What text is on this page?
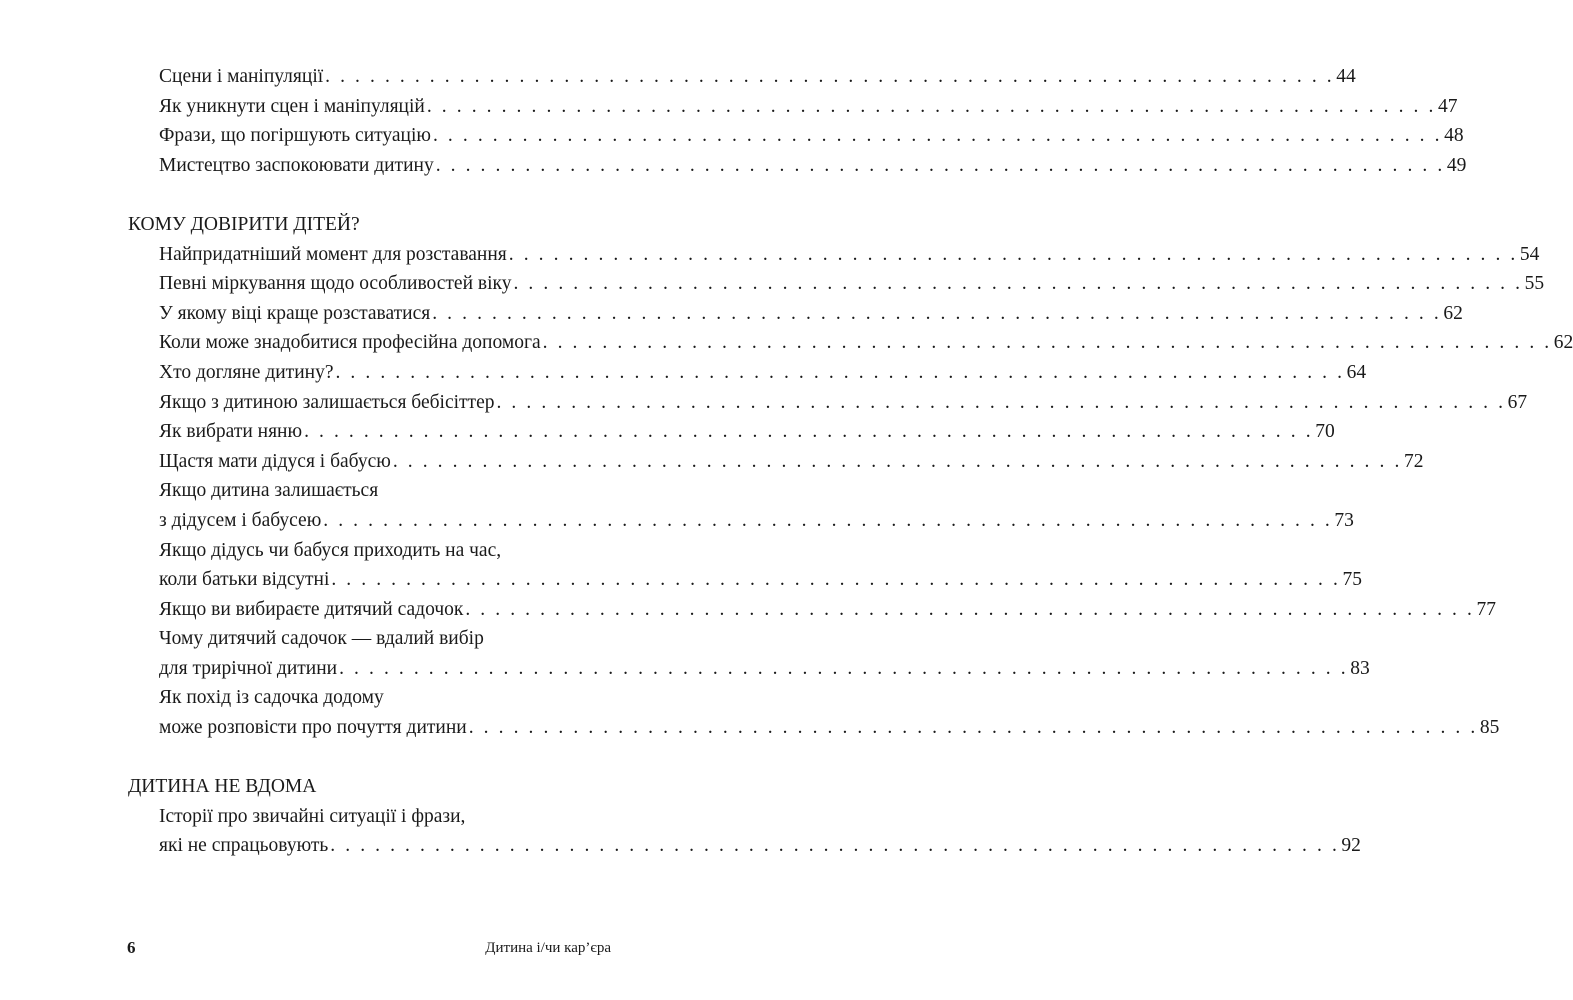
Сцени і маніпуляції . . . . . . . . . . . . . . . . . . . . . . . . . . . . . . . . . . . . . . . . . . . . . . . . . . . . . . . . . . . . . . . . . . . . 44
Як уникнути сцен і маніпуляцій . . . . . . . . . . . . . . . . . . . . . . . . . . . . . . . . . . . . . . . . . . . . . . . . . . . . . . . . . . . . . . . . . . . . 47
Фрази, що погіршують ситуацію . . . . . . . . . . . . . . . . . . . . . . . . . . . . . . . . . . . . . . . . . . . . . . . . . . . . . . . . . . . . . . . . . . . . 48
Мистецтво заспокоювати дитину . . . . . . . . . . . . . . . . . . . . . . . . . . . . . . . . . . . . . . . . . . . . . . . . . . . . . . . . . . . . . . . . . . . . 49
КОМУ ДОВІРИТИ ДІТЕЙ?
Найпридатніший момент для розставання . . . . . . . . . . . . . . . . . . . . . . . . . . . . . . . . . . . . . . . . . . . . . . . . . . . . . . . . . . . . . . . . . . . . 54
Певні міркування щодо особливостей віку . . . . . . . . . . . . . . . . . . . . . . . . . . . . . . . . . . . . . . . . . . . . . . . . . . . . . . . . . . . . . . . . . . . . 55
У якому віці краще розставатися . . . . . . . . . . . . . . . . . . . . . . . . . . . . . . . . . . . . . . . . . . . . . . . . . . . . . . . . . . . . . . . . . . . . 62
Коли може знадобитися професійна допомога . . . . . . . . . . . . . . . . . . . . . . . . . . . . . . . . . . . . . . . . . . . . . . . . . . . . . . . . . . . . . . . . . . . . 62
Хто догляне дитину? . . . . . . . . . . . . . . . . . . . . . . . . . . . . . . . . . . . . . . . . . . . . . . . . . . . . . . . . . . . . . . . . . . . . 64
Якщо з дитиною залишається бебісіттер . . . . . . . . . . . . . . . . . . . . . . . . . . . . . . . . . . . . . . . . . . . . . . . . . . . . . . . . . . . . . . . . . . . . 67
Як вибрати няню . . . . . . . . . . . . . . . . . . . . . . . . . . . . . . . . . . . . . . . . . . . . . . . . . . . . . . . . . . . . . . . . . . . . 70
Щастя мати дідуся і бабусю . . . . . . . . . . . . . . . . . . . . . . . . . . . . . . . . . . . . . . . . . . . . . . . . . . . . . . . . . . . . . . . . . . . . 72
Якщо дитина залишається
з дідусем і бабусею . . . . . . . . . . . . . . . . . . . . . . . . . . . . . . . . . . . . . . . . . . . . . . . . . . . . . . . . . . . . . . . . . . . . 73
Якщо дідусь чи бабуся приходить на час,
коли батьки відсутні . . . . . . . . . . . . . . . . . . . . . . . . . . . . . . . . . . . . . . . . . . . . . . . . . . . . . . . . . . . . . . . . . . . . 75
Якщо ви вибираєте дитячий садочок . . . . . . . . . . . . . . . . . . . . . . . . . . . . . . . . . . . . . . . . . . . . . . . . . . . . . . . . . . . . . . . . . . . . 77
Чому дитячий садочок — вдалий вибір
для трирічної дитини . . . . . . . . . . . . . . . . . . . . . . . . . . . . . . . . . . . . . . . . . . . . . . . . . . . . . . . . . . . . . . . . . . . . 83
Як похід із садочка додому
може розповісти про почуття дитини . . . . . . . . . . . . . . . . . . . . . . . . . . . . . . . . . . . . . . . . . . . . . . . . . . . . . . . . . . . . . . . . . . . . 85
ДИТИНА НЕ ВДОМА
Історії про звичайні ситуації і фрази,
які не спрацьовують . . . . . . . . . . . . . . . . . . . . . . . . . . . . . . . . . . . . . . . . . . . . . . . . . . . . . . . . . . . . . . . . . . . . 92
6	Дитина і/чи кар’єра
